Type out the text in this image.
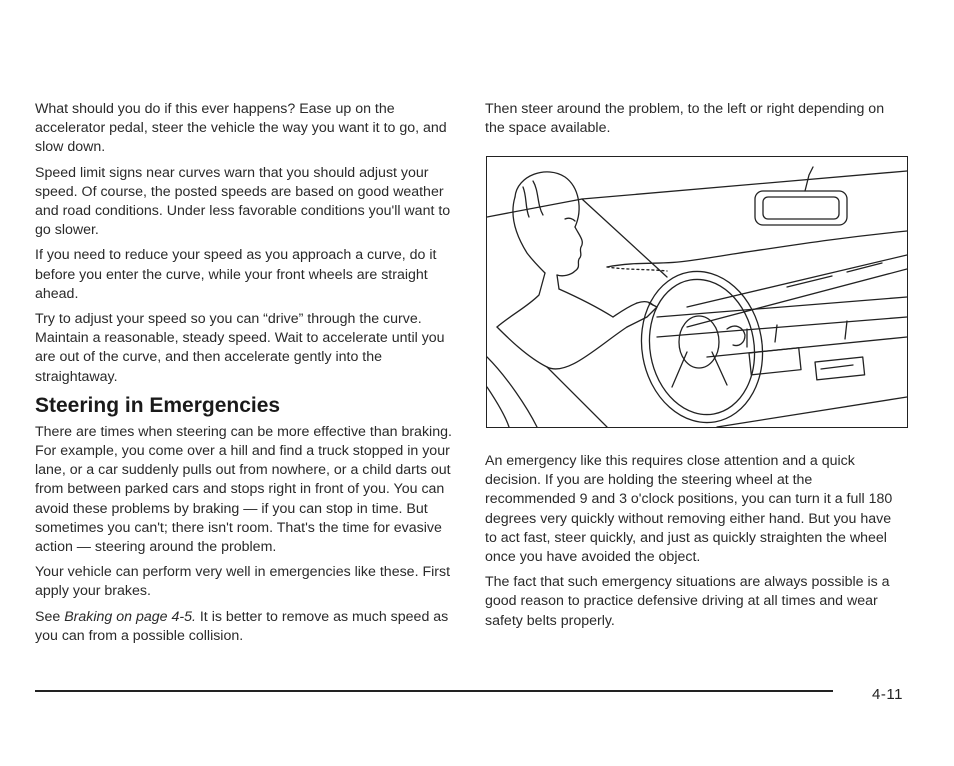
What should you do if this ever happens? Ease up on the accelerator pedal, steer the vehicle the way you want it to go, and slow down.

Speed limit signs near curves warn that you should adjust your speed. Of course, the posted speeds are based on good weather and road conditions. Under less favorable conditions you'll want to go slower.

If you need to reduce your speed as you approach a curve, do it before you enter the curve, while your front wheels are straight ahead.

Try to adjust your speed so you can “drive” through the curve. Maintain a reasonable, steady speed. Wait to accelerate until you are out of the curve, and then accelerate gently into the straightaway.

Steering in Emergencies

There are times when steering can be more effective than braking. For example, you come over a hill and find a truck stopped in your lane, or a car suddenly pulls out from nowhere, or a child darts out from between parked cars and stops right in front of you. You can avoid these problems by braking — if you can stop in time. But sometimes you can't; there isn't room. That's the time for evasive action — steering around the problem.

Your vehicle can perform very well in emergencies like these. First apply your brakes.

See Braking on page 4-5. It is better to remove as much speed as you can from a possible collision.

Then steer around the problem, to the left or right depending on the space available.

An emergency like this requires close attention and a quick decision. If you are holding the steering wheel at the recommended 9 and 3 o'clock positions, you can turn it a full 180 degrees very quickly without removing either hand. But you have to act fast, steer quickly, and just as quickly straighten the wheel once you have avoided the object.

The fact that such emergency situations are always possible is a good reason to practice defensive driving at all times and wear safety belts properly.

4-11
